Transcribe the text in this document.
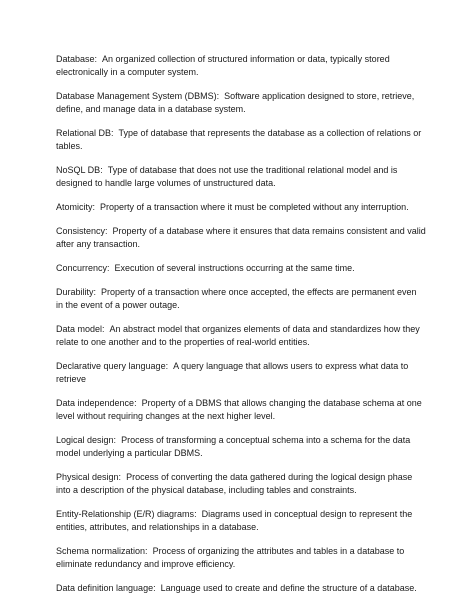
Database : An organized collection of structured information or data, typically stored electronically in a computer system.
Database Management System (DBMS) : Software application designed to store, retrieve, define, and manage data in a database system.
Relational DB : Type of database that represents the database as a collection of relations or tables.
NoSQL DB : Type of database that does not use the traditional relational model and is designed to handle large volumes of unstructured data.
Atomicity : Property of a transaction where it must be completed without any interruption.
Consistency : Property of a database where it ensures that data remains consistent and valid after any transaction.
Concurrency : Execution of several instructions occurring at the same time.
Durability : Property of a transaction where once accepted, the effects are permanent even in the event of a power outage.
Data model : An abstract model that organizes elements of data and standardizes how they relate to one another and to the properties of real-world entities.
Declarative query language : A query language that allows users to express what data to retrieve
Data independence : Property of a DBMS that allows changing the database schema at one level without requiring changes at the next higher level.
Logical design : Process of transforming a conceptual schema into a schema for the data model underlying a particular DBMS.
Physical design : Process of converting the data gathered during the logical design phase into a description of the physical database, including tables and constraints.
Entity-Relationship (E/R) diagrams : Diagrams used in conceptual design to represent the entities, attributes, and relationships in a database.
Schema normalization : Process of organizing the attributes and tables in a database to eliminate redundancy and improve efficiency.
Data definition language : Language used to create and define the structure of a database.
